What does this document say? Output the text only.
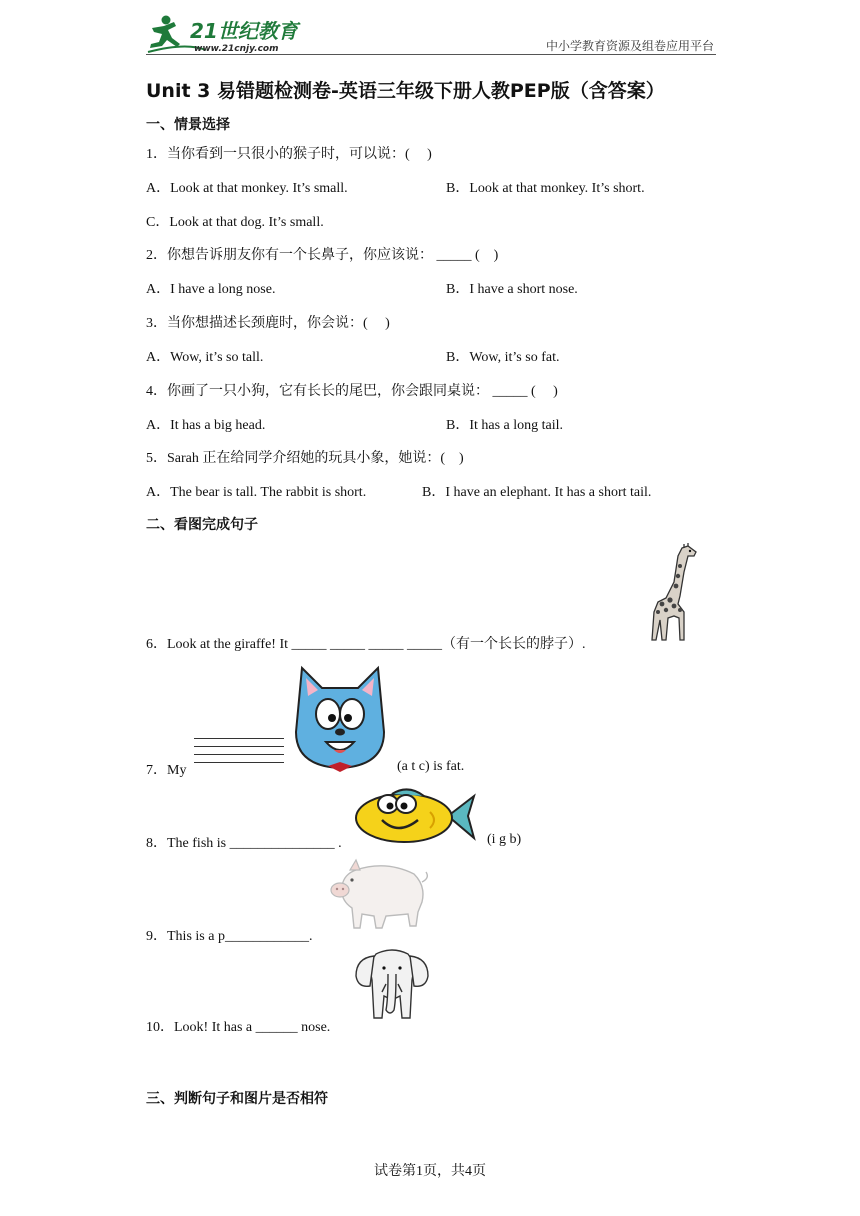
21世纪教育
www.21cnjy.com	中小学教育资源及组卷应用平台
Unit 3 易错题检测卷-英语三年级下册人教PEP版（含答案）
一、情景选择
1．当你看到一只很小的猴子时，可以说：(　 )
A．Look at that monkey. It’s small.	B．Look at that monkey. It’s short.
C．Look at that dog. It’s small.
2．你想告诉朋友你有一个长鼻子，你应该说： _____ (　)
A．I have a long nose.	B．I have a short nose.
3．当你想描述长颈鹿时，你会说：(　 )
A．Wow, it’s so tall.	B．Wow, it’s so fat.
4．你画了一只小狗，它有长长的尾巴，你会跟同桌说： _____ (　 )
A．It has a big head.	B．It has a long tail.
5．Sarah 正在给同学介绍她的玩具小象，她说：(　)
A．The bear is tall. The rabbit is short.	B．I have an elephant. It has a short tail.
二、看图完成句子
6．Look at the giraffe! It _____ _____ _____ _____（有一个长长的脖子）.
7．My	(a t c) is fat.
8．The fish is _______________ .	(i g b)
9．This is a p____________.
10．Look! It has a ______ nose.
三、判断句子和图片是否相符
试卷第1页，共4页
